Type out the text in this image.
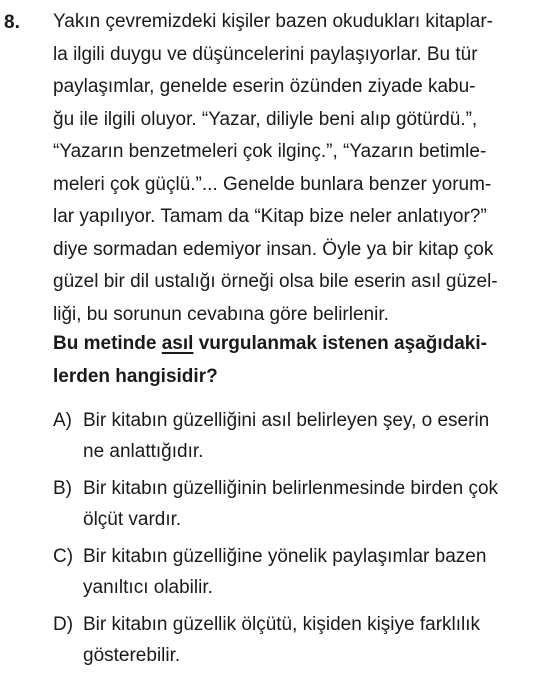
8. Yakın çevremizdeki kişiler bazen okudukları kitaplar-
la ilgili duygu ve düşüncelerini paylaşıyorlar. Bu tür
paylaşımlar, genelde eserin özünden ziyade kabu-
ğu ile ilgili oluyor. “Yazar, diliyle beni alıp götürdü.”,
“Yazarın benzetmeleri çok ilginç.”, “Yazarın betimle-
meleri çok güçlü.”... Genelde bunlara benzer yorum-
lar yapılıyor. Tamam da “Kitap bize neler anlatıyor?”
diye sormadan edemiyor insan. Öyle ya bir kitap çok
güzel bir dil ustalığı örneği olsa bile eserin asıl güzel-
liği, bu sorunun cevabına göre belirlenir.
Bu metinde asıl vurgulanmak istenen aşağıdaki-
lerden hangisidir?
A) Bir kitabın güzelliğini asıl belirleyen şey, o eserin
ne anlattığıdır.
B) Bir kitabın güzelliğinin belirlenmesinde birden çok
ölçüt vardır.
C) Bir kitabın güzelliğine yönelik paylaşımlar bazen
yanıltıcı olabilir.
D) Bir kitabın güzellik ölçütü, kişiden kişiye farklılık
gösterebilir.
